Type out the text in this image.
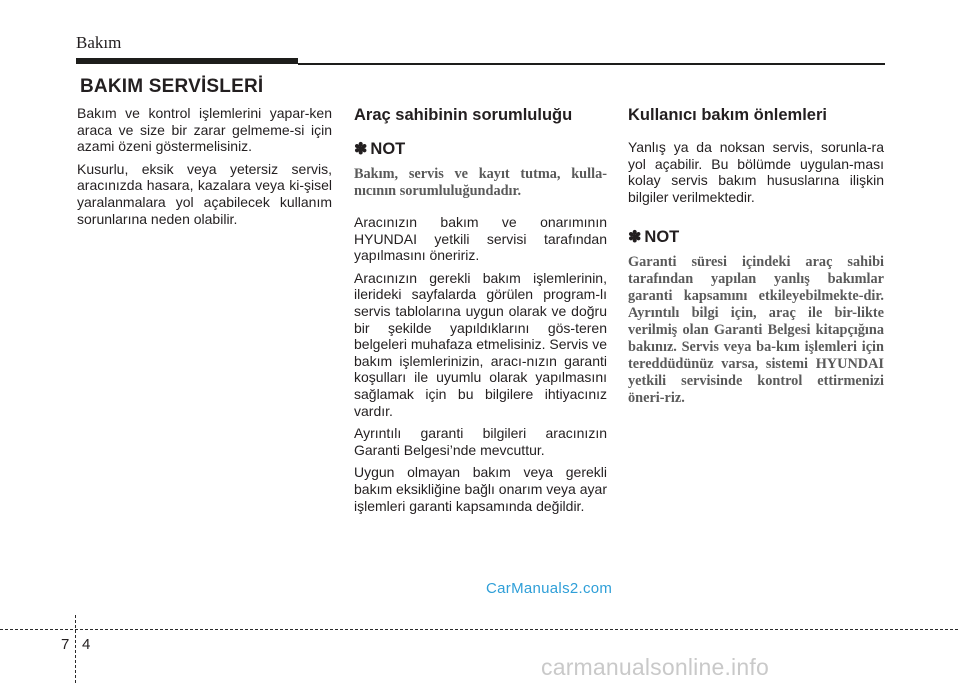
Bakım
BAKIM SERVİSLERİ

Bakım ve kontrol işlemlerini yapar-ken araca ve size bir zarar gelmeme-si için azami özeni göstermelisiniz.

Kusurlu, eksik veya yetersiz servis, aracınızda hasara, kazalara veya ki-şisel yaralanmalara yol açabilecek kullanım sorunlarına neden olabilir.

Araç sahibinin sorumluluğu
✽ NOT

Bakım, servis ve kayıt tutma, kulla-nıcının sorumluluğundadır.

Aracınızın bakım ve onarımının HYUNDAI yetkili servisi tarafından yapılmasını öneririz.

Aracınızın gerekli bakım işlemlerinin, ilerideki sayfalarda görülen program-lı servis tablolarına uygun olarak ve doğru bir şekilde yapıldıklarını gös-teren belgeleri muhafaza etmelisiniz. Servis ve bakım işlemlerinizin, aracı-nızın garanti koşulları ile uyumlu olarak yapılmasını sağlamak için bu bilgilere ihtiyacınız vardır.

Ayrıntılı garanti bilgileri aracınızın Garanti Belgesi’nde mevcuttur.

Uygun olmayan bakım veya gerekli bakım eksikliğine bağlı onarım veya ayar işlemleri garanti kapsamında değildir.

Kullanıcı bakım önlemleri

Yanlış ya da noksan servis, sorunla-ra yol açabilir. Bu bölümde uygulan-ması kolay servis bakım hususlarına ilişkin bilgiler verilmektedir.

✽ NOT

Garanti süresi içindeki araç sahibi tarafından yapılan yanlış bakımlar garanti kapsamını etkileyebilmekte-dir. Ayrıntılı bilgi için, araç ile bir-likte verilmiş olan Garanti Belgesi kitapçığına bakınız. Servis veya ba-kım işlemleri için tereddüdünüz varsa, sistemi HYUNDAI yetkili servisinde kontrol ettirmenizi öneri-riz.

CarManuals2.com
7 4
carmanualsonline.info
